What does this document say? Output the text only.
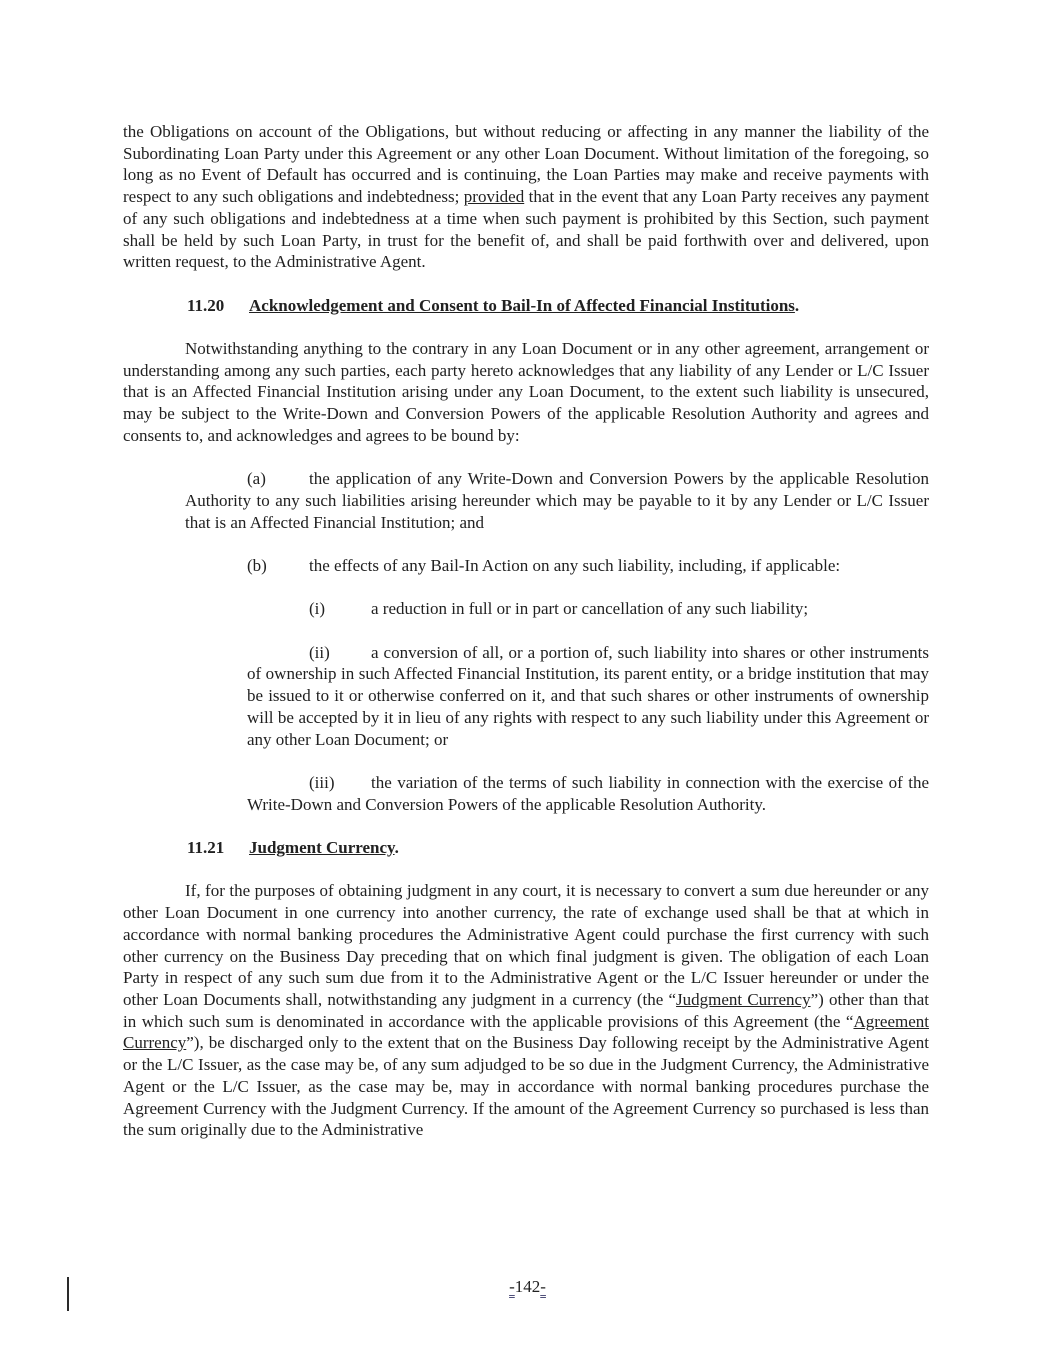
the Obligations on account of the Obligations, but without reducing or affecting in any manner the liability of the Subordinating Loan Party under this Agreement or any other Loan Document. Without limitation of the foregoing, so long as no Event of Default has occurred and is continuing, the Loan Parties may make and receive payments with respect to any such obligations and indebtedness; provided that in the event that any Loan Party receives any payment of any such obligations and indebtedness at a time when such payment is prohibited by this Section, such payment shall be held by such Loan Party, in trust for the benefit of, and shall be paid forthwith over and delivered, upon written request, to the Administrative Agent.

11.20 Acknowledgement and Consent to Bail-In of Affected Financial Institutions.

Notwithstanding anything to the contrary in any Loan Document or in any other agreement, arrangement or understanding among any such parties, each party hereto acknowledges that any liability of any Lender or L/C Issuer that is an Affected Financial Institution arising under any Loan Document, to the extent such liability is unsecured, may be subject to the Write-Down and Conversion Powers of the applicable Resolution Authority and agrees and consents to, and acknowledges and agrees to be bound by:

(a)	the application of any Write-Down and Conversion Powers by the applicable Resolution Authority to any such liabilities arising hereunder which may be payable to it by any Lender or L/C Issuer that is an Affected Financial Institution; and

(b) the effects of any Bail-In Action on any such liability, including, if applicable:

(i)	a reduction in full or in part or cancellation of any such liability;

(ii) a conversion of all, or a portion of, such liability into shares or other instruments of ownership in such Affected Financial Institution, its parent entity, or a bridge institution that may be issued to it or otherwise conferred on it, and that such shares or other instruments of ownership will be accepted by it in lieu of any rights with respect to any such liability under this Agreement or any other Loan Document; or

(iii) the variation of the terms of such liability in connection with the exercise of the Write-Down and Conversion Powers of the applicable Resolution Authority.

11.21 Judgment Currency.

If, for the purposes of obtaining judgment in any court, it is necessary to convert a sum due hereunder or any other Loan Document in one currency into another currency, the rate of exchange used shall be that at which in accordance with normal banking procedures the Administrative Agent could purchase the first currency with such other currency on the Business Day preceding that on which final judgment is given. The obligation of each Loan Party in respect of any such sum due from it to the Administrative Agent or the L/C Issuer hereunder or under the other Loan Documents shall, notwithstanding any judgment in a currency (the “Judgment Currency”) other than that in which such sum is denominated in accordance with the applicable provisions of this Agreement (the “Agreement Currency”), be discharged only to the extent that on the Business Day following receipt by the Administrative Agent or the L/C Issuer, as the case may be, of any sum adjudged to be so due in the Judgment Currency, the Administrative Agent or the L/C Issuer, as the case may be, may in accordance with normal banking procedures purchase the Agreement Currency with the Judgment Currency. If the amount of the Agreement Currency so purchased is less than the sum originally due to the Administrative

-142-
